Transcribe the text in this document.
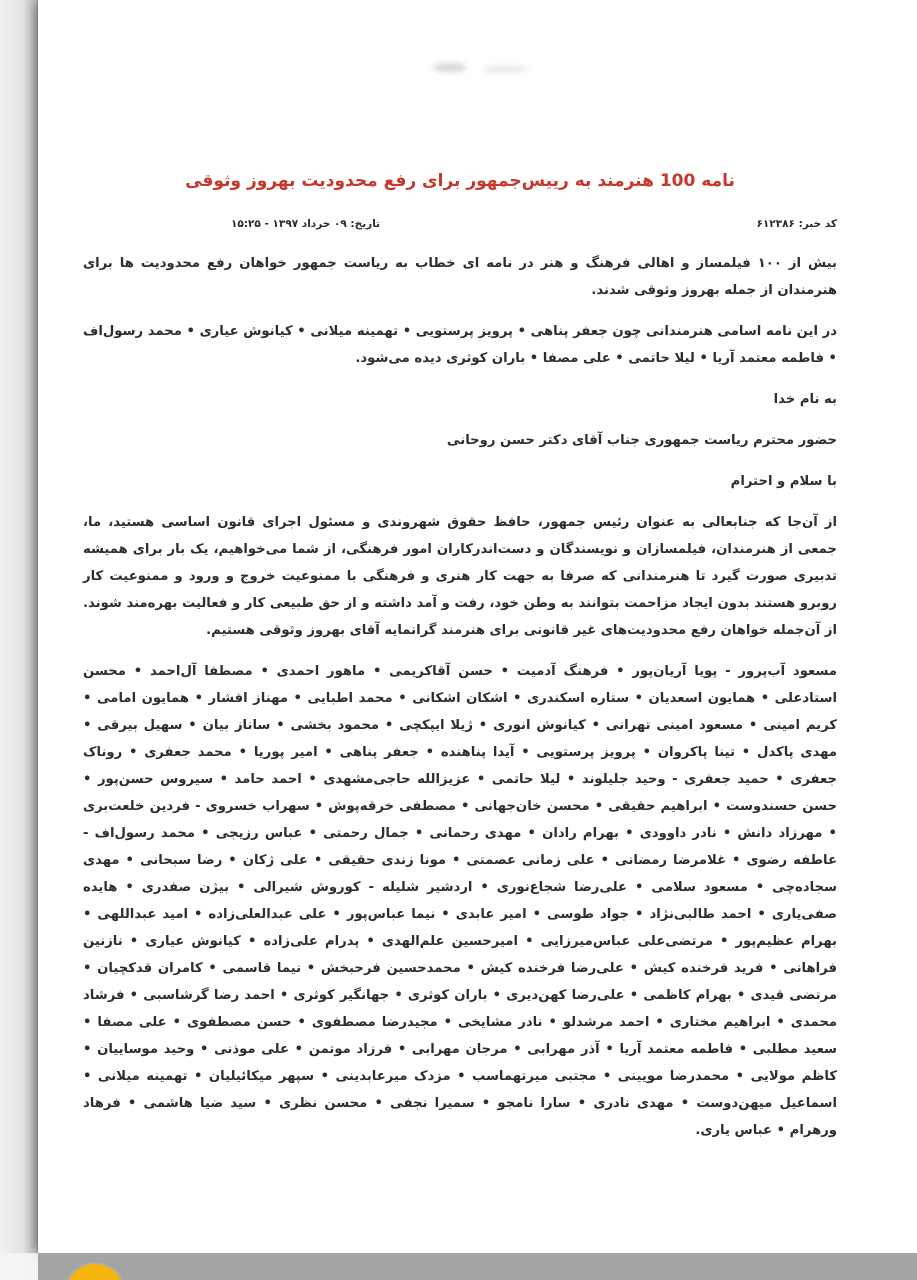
نامه 100 هنرمند به رییس‌جمهور برای رفع محدودیت بهروز وثوقی
کد خبر: ۶۱۲۳۸۶
تاریخ: ۰۹ خرداد ۱۳۹۷ - ۱۵:۲۵

بیش از ۱۰۰ فیلمساز و اهالی فرهنگ و هنر در نامه ای خطاب به ریاست جمهور خواهان رفع محدودیت ها برای هنرمندان از جمله بهروز وثوقی شدند.

در این نامه اسامی هنرمندانی چون جعفر پناهی • پرویز پرستویی • تهمینه میلانی • کیانوش عیاری • محمد رسول‌اف • فاطمه معتمد آریا • لیلا حاتمی • علی مصفا • باران کوثری دیده می‌شود.

به نام خدا

حضور محترم ریاست جمهوری جناب آقای دکتر حسن روحانی

با سلام و احترام

از آن‌جا که جنابعالی به عنوان رئیس جمهور، حافظ حقوق شهروندی و مسئول اجرای قانون اساسی هستید، ما، جمعی از هنرمندان، فیلمسازان و نویسندگان و دست‌اندرکاران امور فرهنگی، از شما می‌خواهیم، یک بار برای همیشه تدبیری صورت گیرد تا هنرمندانی که صرفا به جهت کار هنری و فرهنگی با ممنوعیت خروج و ورود و ممنوعیت کار روبرو هستند بدون ایجاد مزاحمت بتوانند به وطن خود، رفت و آمد داشته و از حق طبیعی کار و فعالیت بهره‌مند شوند. از آن‌جمله خواهان رفع محدودیت‌های غیر قانونی برای هنرمند گرانمایه آقای بهروز وثوقی هستیم.

مسعود آب‌پرور - پویا آریان‌پور • فرهنگ آدمیت • حسن آقاکریمی • ماهور احمدی • مصطفا آل‌احمد • محسن استادعلی • همایون اسعدیان • ستاره اسکندری • اشکان اشکانی • محمد اطبایی • مهناز افشار • همایون امامی • کریم امینی • مسعود امینی تهرانی • کیانوش انوری • ژیلا ایپکچی • محمود بخشی • ساناز بیان • سهیل بیرقی • مهدی پاکدل • تینا پاکروان • پرویز پرستویی • آیدا پناهنده • جعفر پناهی • امیر پوریا • محمد جعفری • روناک جعفری • حمید جعفری - وحید جلیلوند • لیلا حاتمی • عزیزالله حاجی‌مشهدی • احمد حامد • سیروس حسن‌پور • حسن حسندوست • ابراهیم حقیقی • محسن خان‌جهانی • مصطفی خرقه‌پوش • سهراب خسروی - فردین خلعت‌بری • مهرزاد دانش • نادر داوودی • بهرام رادان • مهدی رحمانی • جمال رحمتی • عباس رزیجی • محمد رسول‌اف - عاطفه رضوی • غلامرضا رمضانی • علی زمانی عصمتی • مونا زندی حقیقی • علی ژکان • رضا سبحانی • مهدی سجاده‌چی • مسعود سلامی • علی‌رضا شجاع‌نوری • اردشیر شلیله - کوروش شیرالی • بیژن صفدری • هایده صفی‌یاری • احمد طالبی‌نژاد • جواد طوسی • امیر عابدی • نیما عباس‌پور • علی عبدالعلی‌زاده • امید عبداللهی • بهرام عظیم‌پور • مرتضی‌علی عباس‌میرزایی • امیرحسین علم‌الهدی • پدرام علی‌زاده • کیانوش عیاری • نازنین فراهانی • فرید فرخنده کیش • علی‌رضا فرخنده کیش • محمدحسین فرحبخش • نیما قاسمی • کامران قدکچیان • مرتضی قیدی • بهرام کاظمی • علی‌رضا کهن‌دیری • باران کوثری • جهانگیر کوثری • احمد رضا گرشاسبی • فرشاد محمدی • ابراهیم مختاری • احمد مرشدلو • نادر مشایخی • مجیدرضا مصطفوی • حسن مصطفوی • علی مصفا • سعید مطلبی • فاطمه معتمد آریا • آذر مهرابی • مرجان مهرابی • فرزاد موتمن • علی موذنی • وحید موساییان • کاظم مولایی • محمدرضا مویینی • مجتبی میرتهماسب • مزدک میرعابدینی • سپهر میکائیلیان • تهمینه میلانی • اسماعیل میهن‌دوست • مهدی نادری • سارا نامجو • سمیرا نجفی • محسن نظری • سید ضیا هاشمی • فرهاد ورهرام • عباس یاری.
